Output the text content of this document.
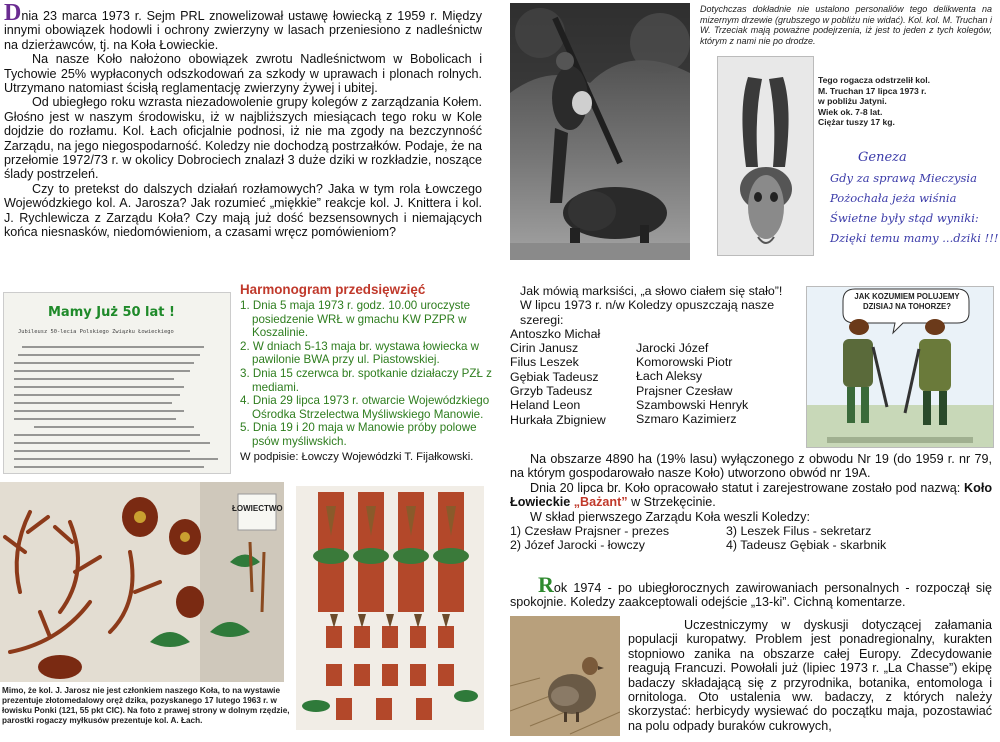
Dnia 23 marca 1973 r. Sejm PRL znowelizował ustawę łowiecką z 1959 r. Między innymi obowiązek hodowli i ochrony zwierzyny w lasach przeniesiono z nadleśnictw na dzierżawców, tj. na Koła Łowieckie.

Na nasze Koło nałożono obowiązek zwrotu Nadleśnictwom w Bobolicach i Tychowie 25% wypłaconych odszkodowań za szkody w uprawach i plonach rolnych. Utrzymano natomiast ścisłą reglamentację zwierzyny żywej i ubitej.

Od ubiegłego roku wzrasta niezadowolenie grupy kolegów z zarządzania Kołem. Głośno jest w naszym środowisku, iż w najbliższych miesiącach tego roku w Kole dojdzie do rozłamu. Kol. Łach oficjalnie podnosi, iż nie ma zgody na bezczynność Zarządu, na jego niegospodarność. Koledzy nie dochodzą postrzałków. Podaje, że na przełomie 1972/73 r. w okolicy Dobrociech znalazł 3 duże dziki w rozkładzie, noszące ślady postrzeleń.

Czy to pretekst do dalszych działań rozłamowych? Jaka w tym rola Łowczego Wojewódzkiego kol. A. Jarosza? Jak rozumieć „miękkie” reakcje kol. J. Knittera i kol. J. Rychlewicza z Zarządu Koła? Czy mają już dość bezsensownych i niemających końca niesnasków, niedomówieniom, a czasami wręcz pomówieniom?

Dotychczas dokładnie nie ustalono personaliów tego delikwenta na mizernym drzewie (grubszego w pobliżu nie widać). Kol. kol. M. Truchan i W. Trzeciak mają poważne podejrzenia, iż jest to jeden z tych kolegów, którym z nami nie po drodze.
Tego rogacza odstrzelił kol.
M. Truchan 17 lipca 1973 r.
w pobliżu Jatyni.
Wiek ok. 7-8 lat.
Ciężar tuszy 17 kg.
Geneza
Gdy za sprawą Mieczysia
Pożochała jeża wiśnia
Świetne były stąd wyniki:
Dzięki temu mamy ...dziki !!!
Mamy Już 50 lat !
Jubileusz 50-lecia Polskiego Związku Łowieckiego
Harmonogram przedsięwzięć
1. Dnia 5 maja 1973 r. godz. 10.00 uroczyste posiedzenie WRŁ w gmachu KW PZPR w Koszalinie.
2. W dniach 5-13 maja br. wystawa łowiecka w pawilonie BWA przy ul. Piastowskiej.
3. Dnia 15 czerwca br. spotkanie działaczy PZŁ z mediami.
4. Dnia 29 lipca 1973 r. otwarcie Wojewódzkiego Ośrodka Strzelectwa Myśliwskiego Manowie.
5. Dnia 19 i 20 maja w Manowie próby polowe psów myśliwskich.
W podpisie: Łowczy Wojewódzki T. Fijałkowski.
ŁOWIECTWO
Mimo, że kol. J. Jarosz nie jest członkiem naszego Koła, to na wystawie prezentuje złotomedalowy oręż dzika, pozyskanego 17 lutego 1963 r. w łowisku Ponki (121, 55 pkt CIC). Na foto z prawej strony w dolnym rzędzie, parostki rogaczy myłkusów prezentuje kol. A. Łach.
Jak mówią marksiści, „a słowo ciałem się stało”!
W lipcu 1973 r. n/w Koledzy opuszczają nasze szeregi:
Antoszko Michał
Cirin Janusz
Filus Leszek
Gębiak Tadeusz
Grzyb Tadeusz
Heland Leon
Hurkała Zbigniew
Jarocki Józef
Komorowski Piotr
Łach Aleksy
Prajsner Czesław
Szambowski Henryk
Szmaro Kazimierz
JAK KOZUMIEM POLUJEMY DZISIAJ NA TOHORZE?

Na obszarze 4890 ha (19% lasu) wyłączonego z obwodu Nr 19 (do 1959 r. nr 79, na którym gospodarowało nasze Koło) utworzono obwód nr 19A.

Dnia 20 lipca br. Koło opracowało statut i zarejestrowane zostało pod nazwą: Koło Łowieckie „Bażant” w Strzekęcinie.

W skład pierwszego Zarządu Koła weszli Koledzy:
1) Czesław Prajsner - prezes	3) Leszek Filus - sekretarz
2) Józef Jarocki - łowczy	4) Tadeusz Gębiak - skarbnik

Rok 1974 - po ubiegłorocznych zawirowaniach personalnych - rozpoczął się spokojnie. Koledzy zaakceptowali odejście „13-ki”. Cichną komentarze.

Uczestniczymy w dyskusji dotyczącej załamania populacji kuropatwy. Problem jest ponadregionalny, kurakten stopniowo zanika na obszarze całej Europy. Zdecydowanie reagują Francuzi. Powołali już (lipiec 1973 r. „La Chasse”) ekipę badaczy składającą się z przyrodnika, botanika, entomologa i ornitologa. Oto ustalenia ww. badaczy, z których należy skorzystać: herbicydy wysiewać do początku maja, pozostawiać na polu odpady buraków cukrowych,
